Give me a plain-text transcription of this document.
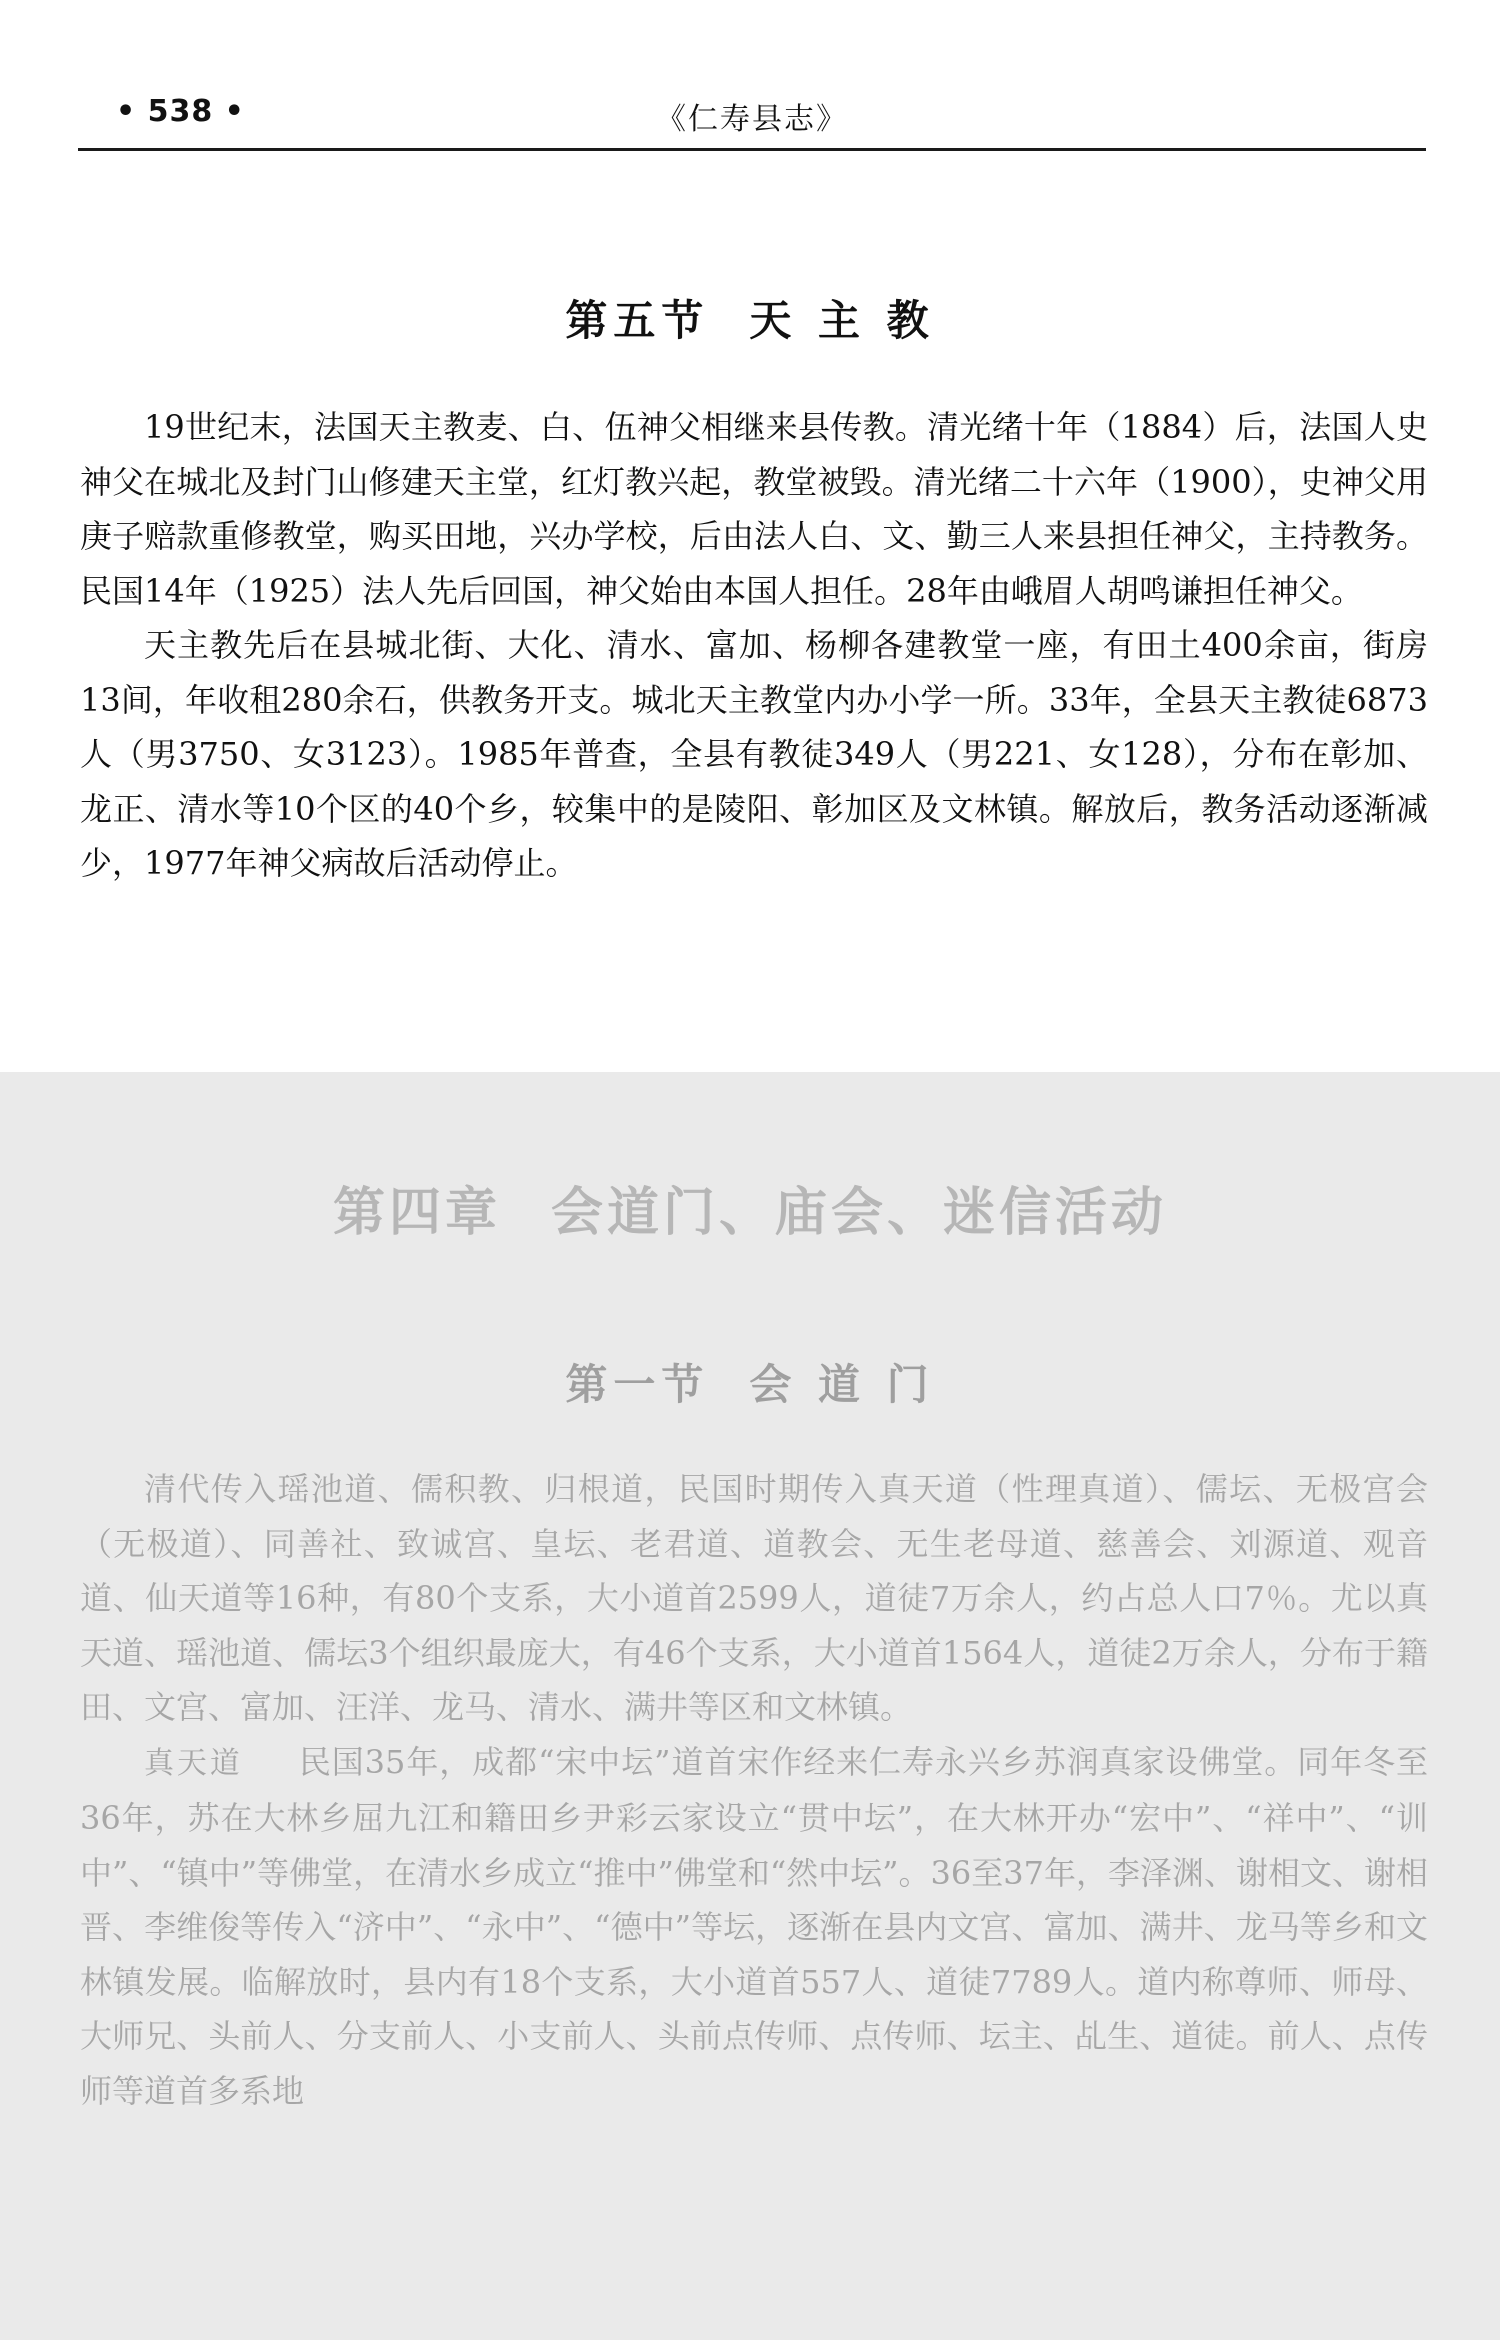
• 538 •	《仁寿县志》
第五节 天 主 教

19世纪末，法国天主教麦、白、伍神父相继来县传教。清光绪十年（1884）后，法国人史神父在城北及封门山修建天主堂，红灯教兴起，教堂被毁。清光绪二十六年（1900），史神父用庚子赔款重修教堂，购买田地，兴办学校，后由法人白、文、勤三人来县担任神父，主持教务。民国14年（1925）法人先后回国，神父始由本国人担任。28年由峨眉人胡鸣谦担任神父。

天主教先后在县城北街、大化、清水、富加、杨柳各建教堂一座，有田土400余亩，街房13间，年收租280余石，供教务开支。城北天主教堂内办小学一所。33年，全县天主教徒6873人（男3750、女3123）。1985年普查，全县有教徒349人（男221、女128），分布在彰加、龙正、清水等10个区的40个乡，较集中的是陵阳、彰加区及文林镇。解放后，教务活动逐渐减少，1977年神父病故后活动停止。

第四章 会道门、庙会、迷信活动
第一节 会 道 门

清代传入瑶池道、儒积教、归根道，民国时期传入真天道（性理真道）、儒坛、无极宫会（无极道）、同善社、致诚宫、皇坛、老君道、道教会、无生老母道、慈善会、刘源道、观音道、仙天道等16种，有80个支系，大小道首2599人，道徒7万余人，约占总人口7％。尤以真天道、瑶池道、儒坛3个组织最庞大，有46个支系，大小道首1564人，道徒2万余人，分布于籍田、文宫、富加、汪洋、龙马、清水、满井等区和文林镇。

真天道 民国35年，成都“宋中坛”道首宋作经来仁寿永兴乡苏润真家设佛堂。同年冬至36年，苏在大林乡屈九江和籍田乡尹彩云家设立“贯中坛”，在大林开办“宏中”、“祥中”、“训中”、“镇中”等佛堂，在清水乡成立“推中”佛堂和“然中坛”。36至37年，李泽渊、谢相文、谢相晋、李维俊等传入“济中”、“永中”、“德中”等坛，逐渐在县内文宫、富加、满井、龙马等乡和文林镇发展。临解放时，县内有18个支系，大小道首557人、道徒7789人。道内称尊师、师母、大师兄、头前人、分支前人、小支前人、头前点传师、点传师、坛主、乩生、道徒。前人、点传师等道首多系地
